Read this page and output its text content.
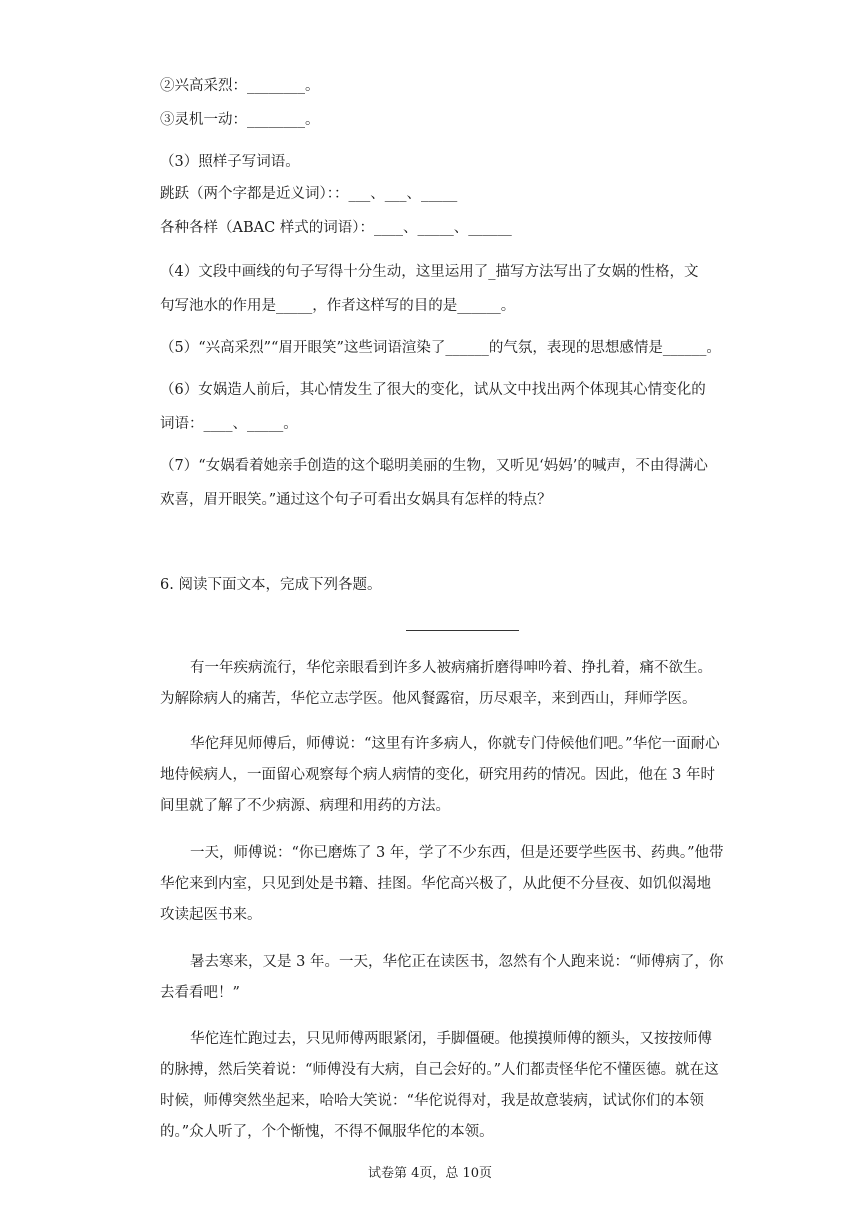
②兴高采烈：________。
③灵机一动：________。
（3）照样子写词语。
跳跃（两个字都是近义词）：：___、___、_____
各种各样（ABAC 样式的词语）：____、_____、______
（4）文段中画线的句子写得十分生动，这里运用了_描写方法写出了女娲的性格，文
句写池水的作用是_____，作者这样写的目的是______。
（5）“兴高采烈”“眉开眼笑”这些词语渲染了______的气氛，表现的思想感情是______。
（6）女娲造人前后，其心情发生了很大的变化，试从文中找出两个体现其心情变化的
词语：____、_____。
（7）“女娲看着她亲手创造的这个聪明美丽的生物，又听见‘妈妈’的喊声，不由得满心
欢喜，眉开眼笑。”通过这个句子可看出女娲具有怎样的特点？
6. 阅读下面文本，完成下列各题。
有一年疾病流行，华佗亲眼看到许多人被病痛折磨得呻吟着、挣扎着，痛不欲生。为解除病人的痛苦，华佗立志学医。他风餐露宿，历尽艰辛，来到西山，拜师学医。
华佗拜见师傅后，师傅说：“这里有许多病人，你就专门侍候他们吧。”华佗一面耐心地侍候病人，一面留心观察每个病人病情的变化，研究用药的情况。因此，他在 3 年时间里就了解了不少病源、病理和用药的方法。
一天，师傅说：“你已磨炼了 3 年，学了不少东西，但是还要学些医书、药典。”他带华佗来到内室，只见到处是书籍、挂图。华佗高兴极了，从此便不分昼夜、如饥似渴地攻读起医书来。
暑去寒来，又是 3 年。一天，华佗正在读医书，忽然有个人跑来说：“师傅病了，你去看看吧！”
华佗连忙跑过去，只见师傅两眼紧闭，手脚僵硬。他摸摸师傅的额头，又按按师傅的脉搏，然后笑着说：“师傅没有大病，自己会好的。”人们都责怪华佗不懂医德。就在这时候，师傅突然坐起来，哈哈大笑说：“华佗说得对，我是故意装病，试试你们的本领的。”众人听了，个个惭愧，不得不佩服华佗的本领。
试卷第 4页，总 10页
